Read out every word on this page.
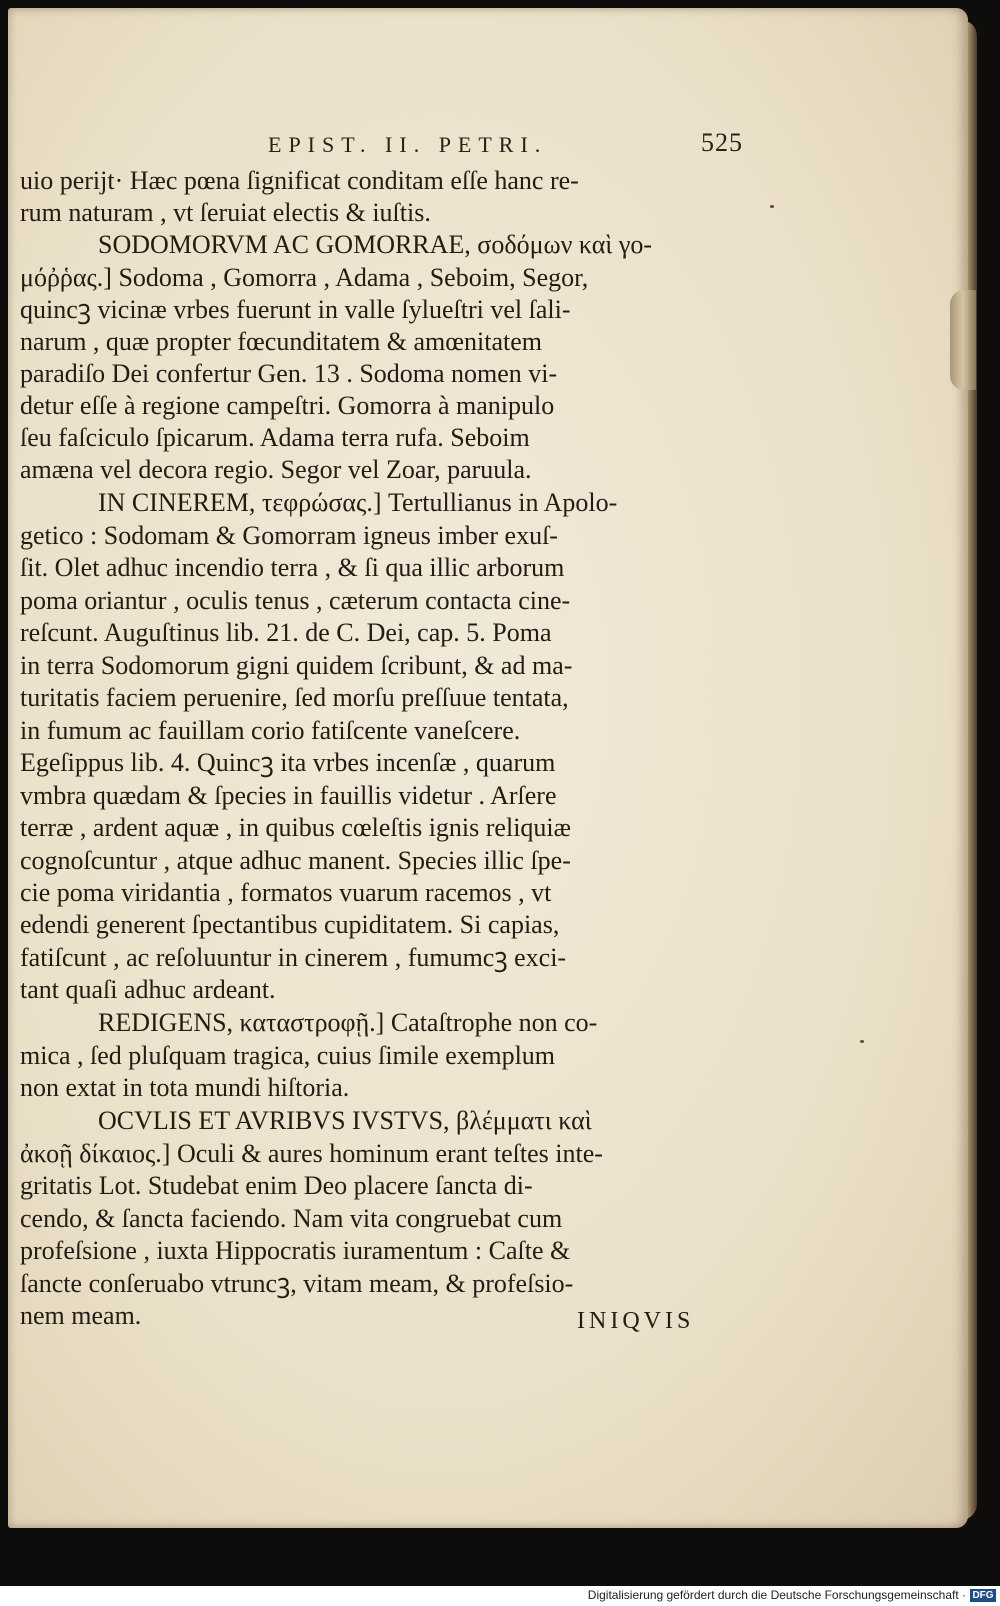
EPIST. II. PETRI.	525
uio perijt· Hæc pœna ſignificat conditam eſſe hanc re-
rum naturam , vt ſeruiat electis & iuſtis.
SODOMORVM AC GOMORRAE, σοδόμων καὶ γο-
μόῤῥας.] Sodoma , Gomorra , Adama , Seboim, Segor,
quincꝫ vicinæ vrbes fuerunt in valle ſylueſtri vel ſali-
narum , quæ propter fœcunditatem & amœnitatem
paradiſo Dei confertur Gen. 13 . Sodoma nomen vi-
detur eſſe à regione campeſtri. Gomorra à manipulo
ſeu faſciculo ſpicarum. Adama terra rufa. Seboim
amæna vel decora regio. Segor vel Zoar, paruula.
IN CINEREM, τεφρώσας.] Tertullianus in Apolo-
getico : Sodomam & Gomorram igneus imber exuſ-
ſit. Olet adhuc incendio terra , & ſi qua illic arborum
poma oriantur , oculis tenus , cæterum contacta cine-
reſcunt. Auguſtinus lib. 21. de C. Dei, cap. 5. Poma
in terra Sodomorum gigni quidem ſcribunt, & ad ma-
turitatis faciem peruenire, ſed morſu preſſuue tentata,
in fumum ac fauillam corio fatiſcente vaneſcere.
Egeſippus lib. 4. Quincꝫ ita vrbes incenſæ , quarum
vmbra quædam & ſpecies in fauillis videtur . Arſere
terræ , ardent aquæ , in quibus cœleſtis ignis reliquiæ
cognoſcuntur , atque adhuc manent. Species illic ſpe-
cie poma viridantia , formatos vuarum racemos , vt
edendi generent ſpectantibus cupiditatem. Si capias,
fatiſcunt , ac reſoluuntur in cinerem , fumumcꝫ exci-
tant quaſi adhuc ardeant.
REDIGENS, καταστροφῇ.] Cataſtrophe non co-
mica , ſed pluſquam tragica, cuius ſimile exemplum
non extat in tota mundi hiſtoria.
OCVLIS ET AVRIBVS IVSTVS, βλέμματι καὶ
ἀκοῇ δίκαιος.] Oculi & aures hominum erant teſtes inte-
gritatis Lot. Studebat enim Deo placere ſancta di-
cendo, & ſancta faciendo. Nam vita congruebat cum
profeſsione , iuxta Hippocratis iuramentum : Caſte &
ſancte conſeruabo vtruncꝫ, vitam meam, & profeſsio-
nem meam.	INIQVIS
Digitalisierung gefördert durch die Deutsche Forschungsgemeinschaft · DFG
